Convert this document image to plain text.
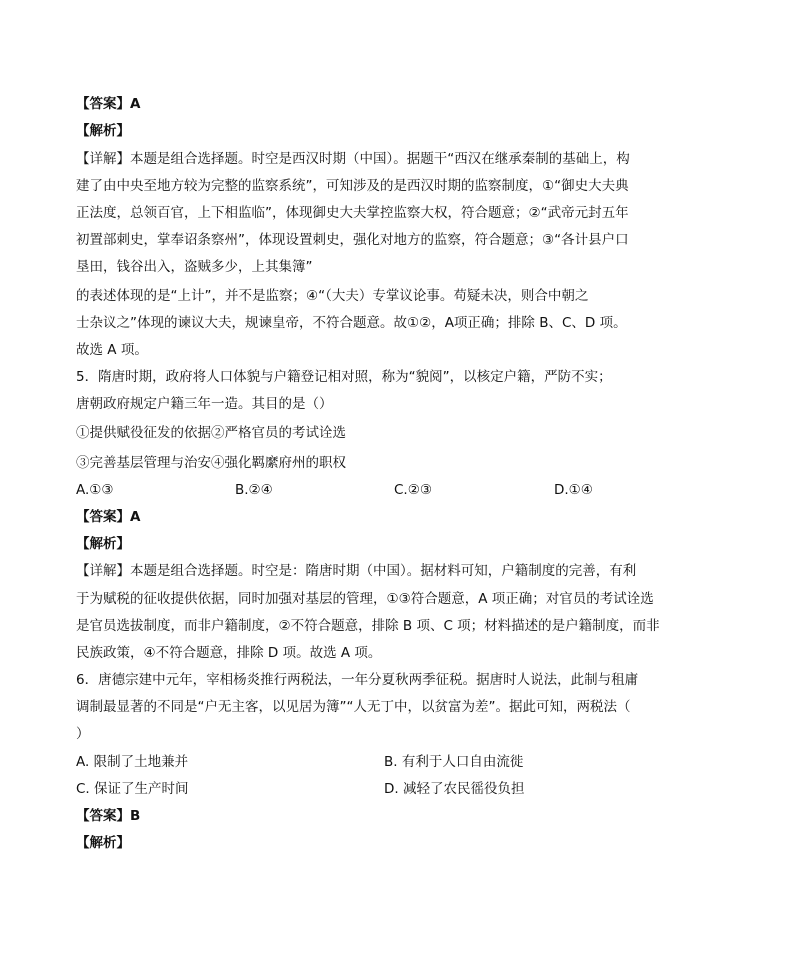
【答案】A
【解析】
【详解】本题是组合选择题。时空是西汉时期（中国）。据题干“西汉在继承秦制的基础上，构
建了由中央至地方较为完整的监察系统”，可知涉及的是西汉时期的监察制度，①“御史大夫典
正法度，总领百官，上下相监临”，体现御史大夫掌控监察大权，符合题意；②“武帝元封五年
初置部刺史，掌奉诏条察州”，体现设置刺史，强化对地方的监察，符合题意；③“各计县户口
垦田，钱谷出入，盗贼多少，上其集簿”
的表述体现的是“上计”，并不是监察；④“（大夫）专掌议论事。苟疑未决，则合中朝之
士杂议之”体现的谏议大夫，规谏皇帝，不符合题意。故①②，A项正确；排除 B、C、D 项。
故选 A 项。
5．隋唐时期，政府将人口体貌与户籍登记相对照，称为“貌阅”，以核定户籍，严防不实；
唐朝政府规定户籍三年一造。其目的是（）
①提供赋役征发的依据②严格官员的考试诠选
③完善基层管理与治安④强化羁縻府州的职权
A.①③	B.②④	C.②③	D.①④
【答案】A
【解析】
【详解】本题是组合选择题。时空是：隋唐时期（中国）。据材料可知，户籍制度的完善，有利
于为赋税的征收提供依据，同时加强对基层的管理，①③符合题意，A 项正确；对官员的考试诠选
是官员选拔制度，而非户籍制度，②不符合题意，排除 B 项、C 项；材料描述的是户籍制度，而非
民族政策，④不符合题意，排除 D 项。故选 A 项。
6．唐德宗建中元年，宰相杨炎推行两税法，一年分夏秋两季征税。据唐时人说法，此制与租庸
调制最显著的不同是“户无主客，以见居为簿”“人无丁中，以贫富为差”。据此可知，两税法（
）
A. 限制了土地兼并	B. 有利于人口自由流徙
C. 保证了生产时间	D. 减轻了农民徭役负担
【答案】B
【解析】
